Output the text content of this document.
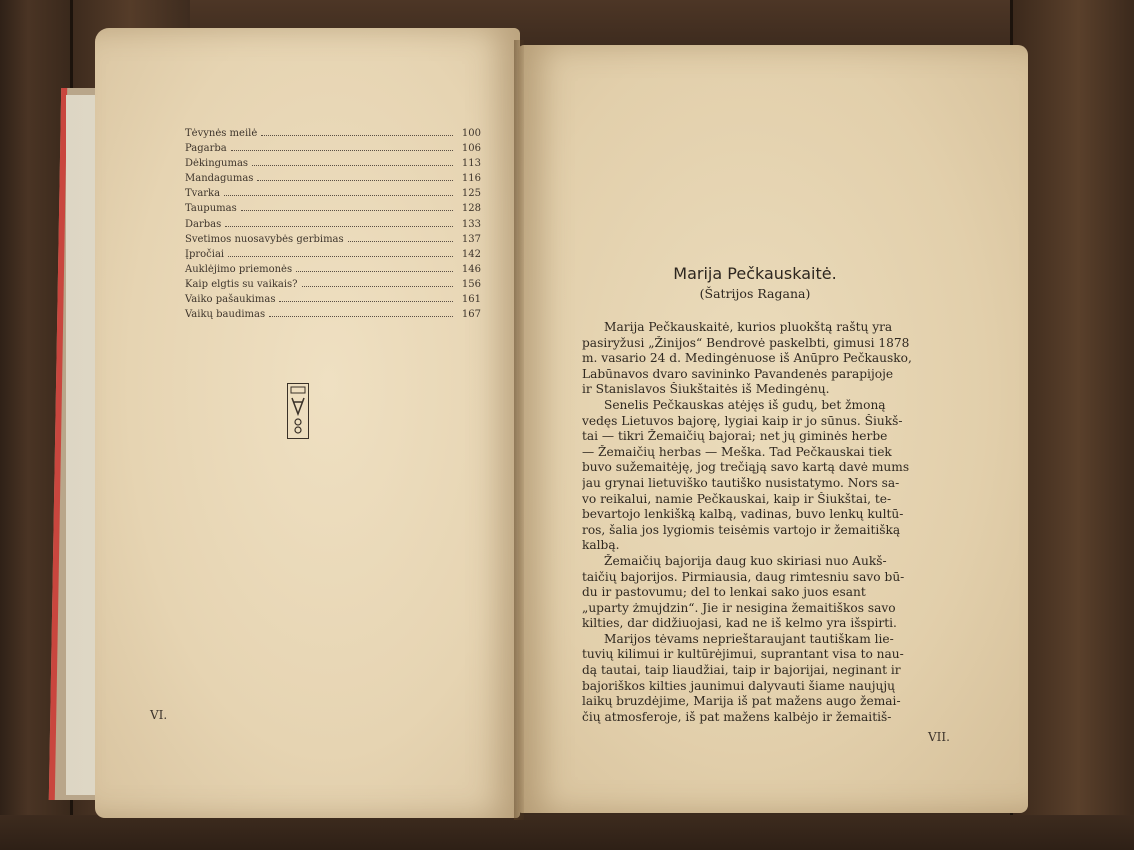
Tėvynės meilė	100
Pagarba	106
Dėkingumas	113
Mandagumas	116
Tvarka	125
Taupumas	128
Darbas	133
Svetimos nuosavybės gerbimas	137
Įpročiai	142
Auklėjimo priemonės	146
Kaip elgtis su vaikais?	156
Vaiko pašaukimas	161
Vaikų baudimas	167
VI.
VII.
Marija Pečkauskaitė.
(Šatrijos Ragana)
Marija Pečkauskaitė, kurios pluokštą raštų yra
pasiryžusi „Žinijos“ Bendrovė paskelbti, gimusi 1878
m. vasario 24 d. Medingėnuose iš Anūpro Pečkausko,
Labūnavos dvaro savininko Pavandenės parapijoje
ir Stanislavos Šiukštaitės iš Medingėnų.
Senelis Pečkauskas atėjęs iš gudų, bet žmoną
vedęs Lietuvos bajorę, lygiai kaip ir jo sūnus. Šiukš-
tai — tikri Žemaičių bajorai; net jų giminės herbe
— Žemaičių herbas — Meška. Tad Pečkauskai tiek
buvo sužemaitėję, jog trečiąją savo kartą davė mums
jau grynai lietuviško tautiško nusistatymo. Nors sa-
vo reikalui, namie Pečkauskai, kaip ir Šiukštai, te-
bevartojo lenkišką kalbą, vadinas, buvo lenkų kultū-
ros, šalia jos lygiomis teisėmis vartojo ir žemaitišką
kalbą.
Žemaičių bajorija daug kuo skiriasi nuo Aukš-
taičių bajorijos. Pirmiausia, daug rimtesniu savo bū-
du ir pastovumu; del to lenkai sako juos esant
„uparty żmujdzin“. Jie ir nesigina žemaitiškos savo
kilties, dar didžiuojasi, kad ne iš kelmo yra išspirti.
Marijos tėvams neprieštaraujant tautiškam lie-
tuvių kilimui ir kultūrėjimui, suprantant visa to nau-
dą tautai, taip liaudžiai, taip ir bajorijai, neginant ir
bajoriškos kilties jaunimui dalyvauti šiame naujųjų
laikų bruzdėjime, Marija iš pat mažens augo žemai-
čių atmosferoje, iš pat mažens kalbėjo ir žemaitiš-
